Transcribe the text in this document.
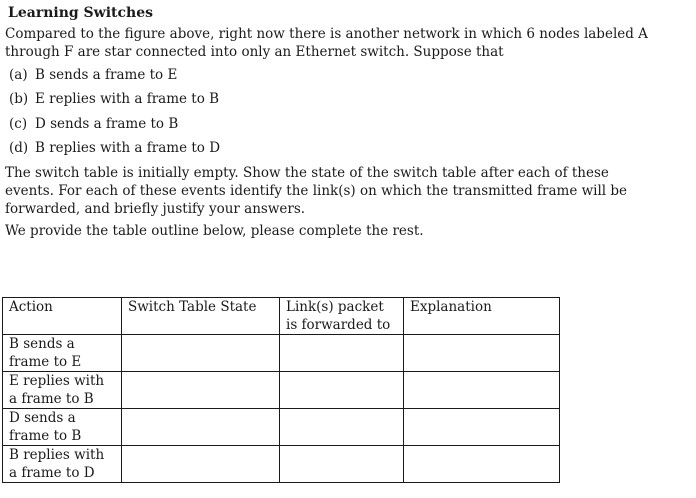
Learning Switches

Compared to the figure above, right now there is another network in which 6 nodes labeled A through F are star connected into only an Ethernet switch. Suppose that

(a) B sends a frame to E
(b) E replies with a frame to B
(c) D sends a frame to B
(d) B replies with a frame to D

The switch table is initially empty. Show the state of the switch table after each of these events. For each of these events identify the link(s) on which the transmitted frame will be forwarded, and briefly justify your answers.

We provide the table outline below, please complete the rest.

Action	Switch Table State	Link(s) packet is forwarded to	Explanation
B sends a frame to E			
E replies with a frame to B			
D sends a frame to B			
B replies with a frame to D			
